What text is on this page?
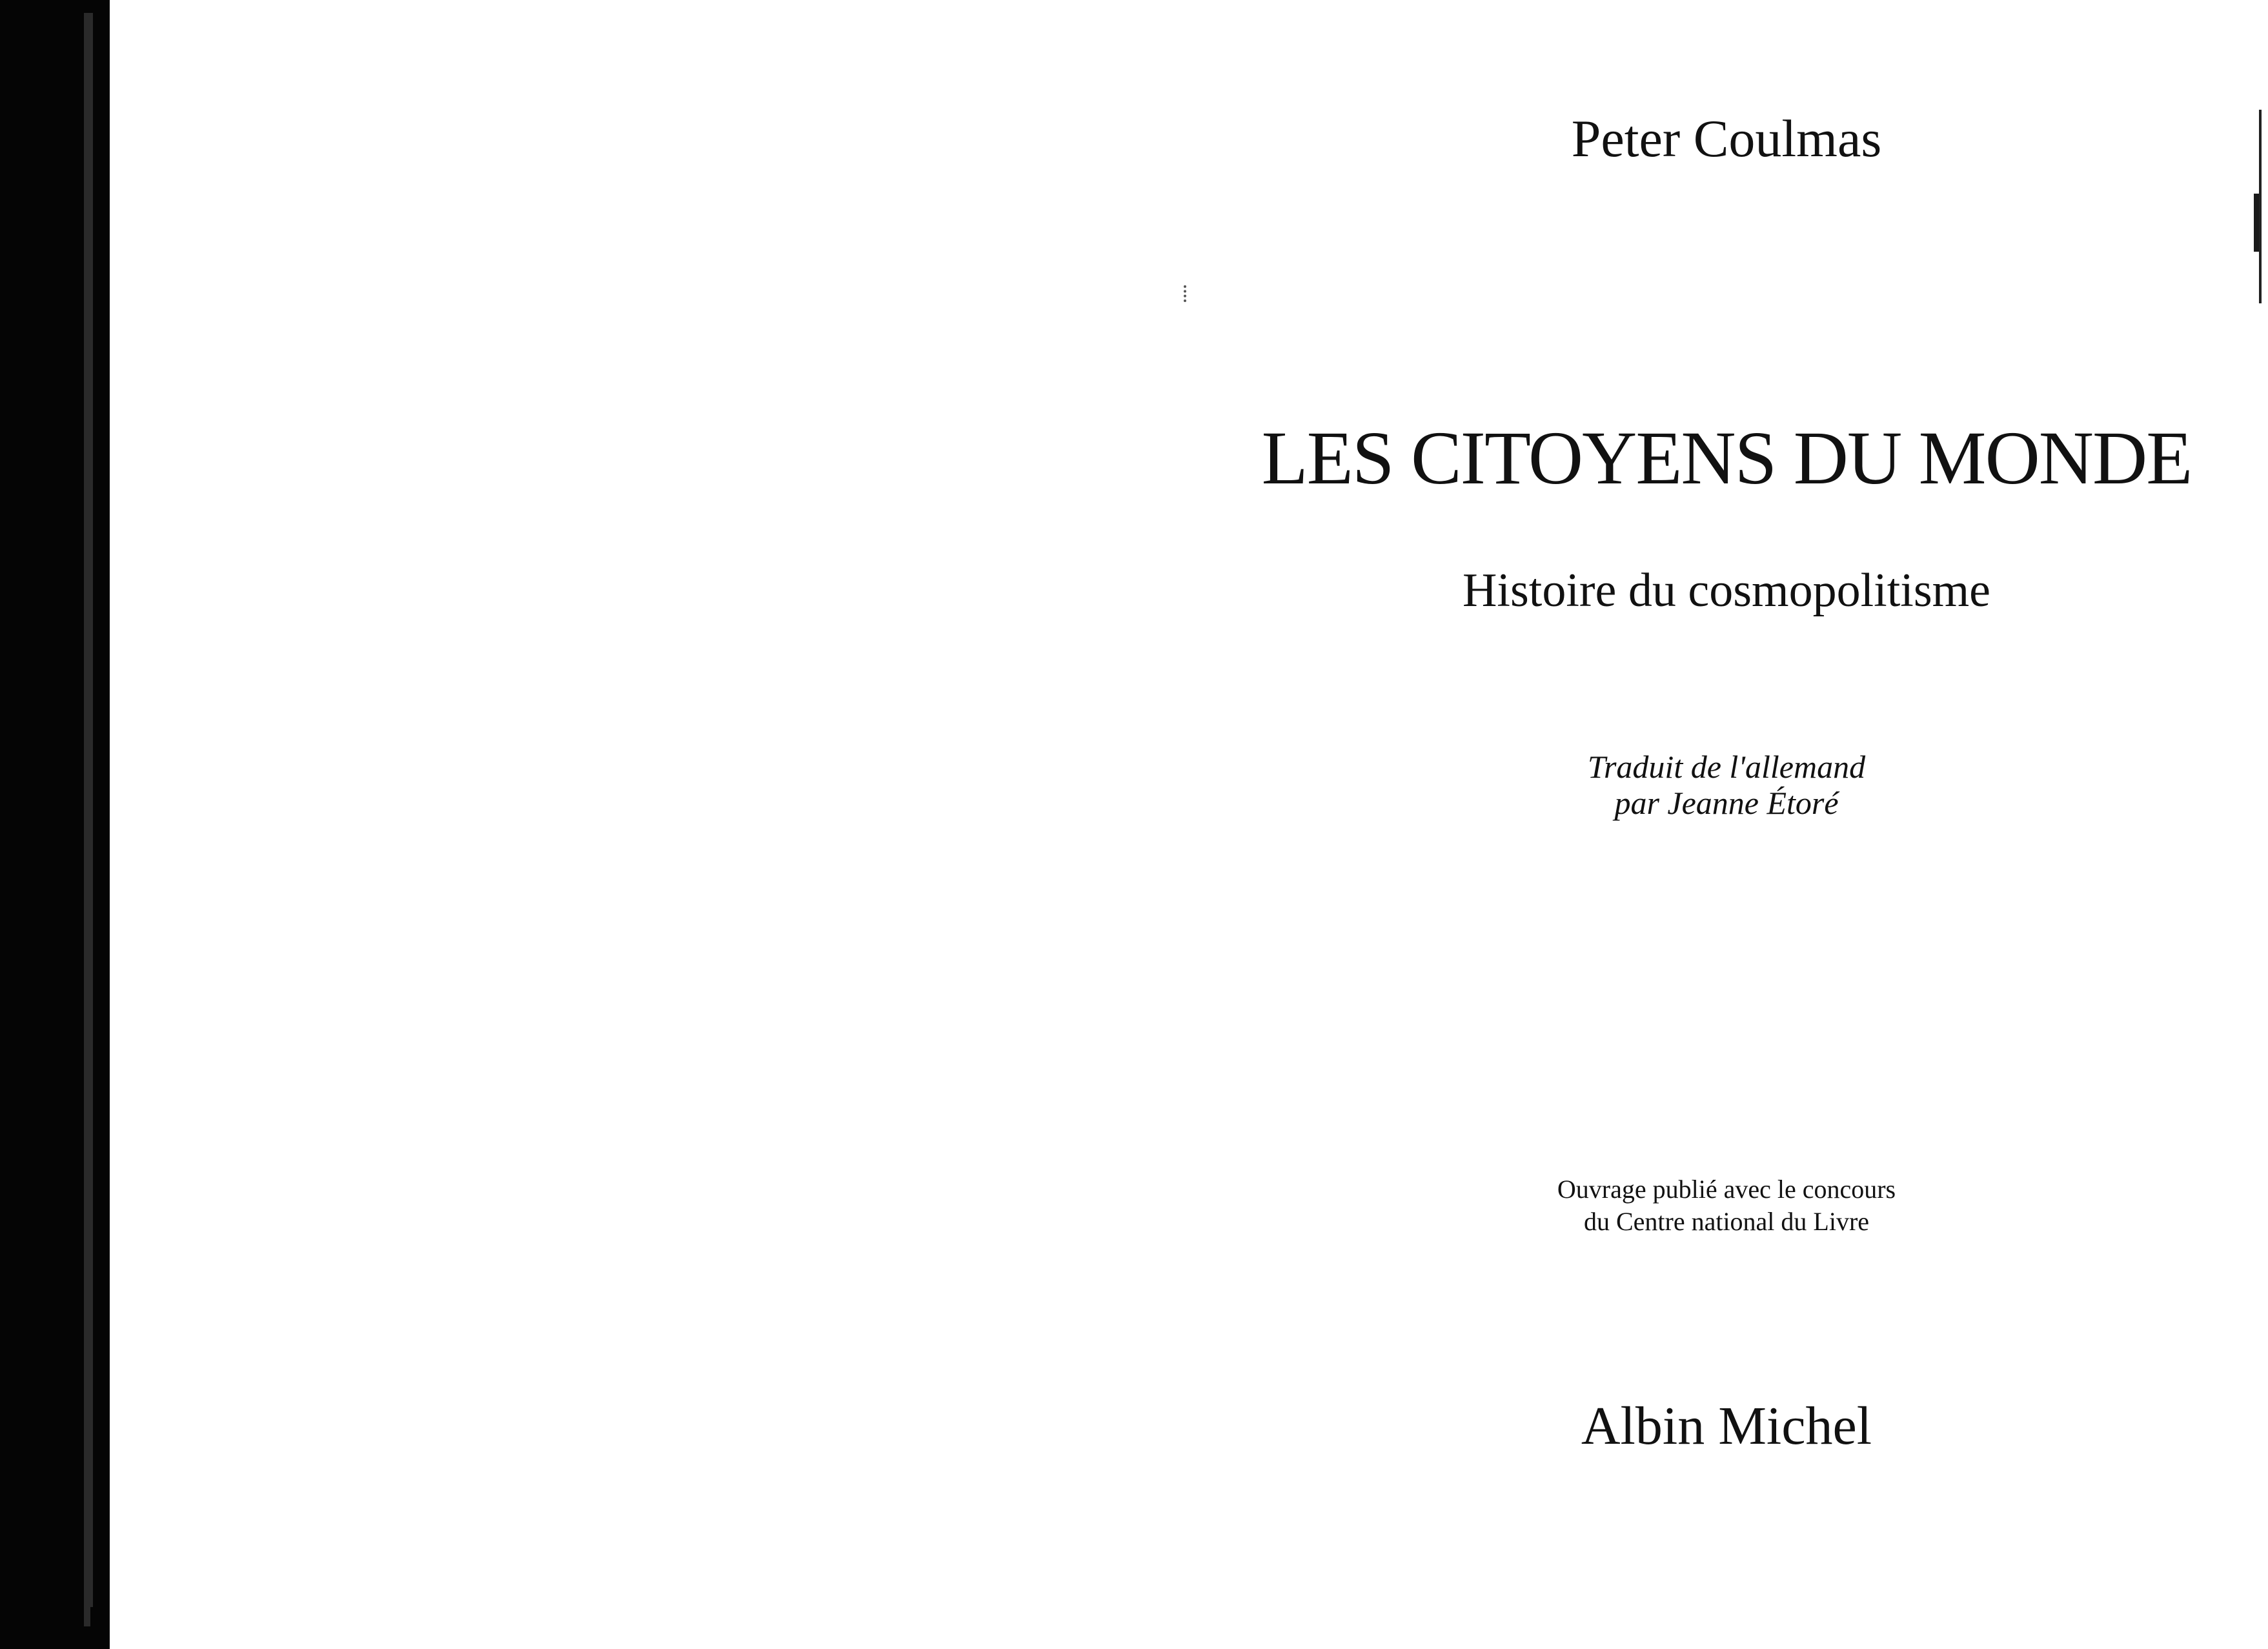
Peter Coulmas
LES CITOYENS DU MONDE
Histoire du cosmopolitisme
Traduit de l'allemand
par Jeanne Étoré
Ouvrage publié avec le concours
du Centre national du Livre
Albin Michel
